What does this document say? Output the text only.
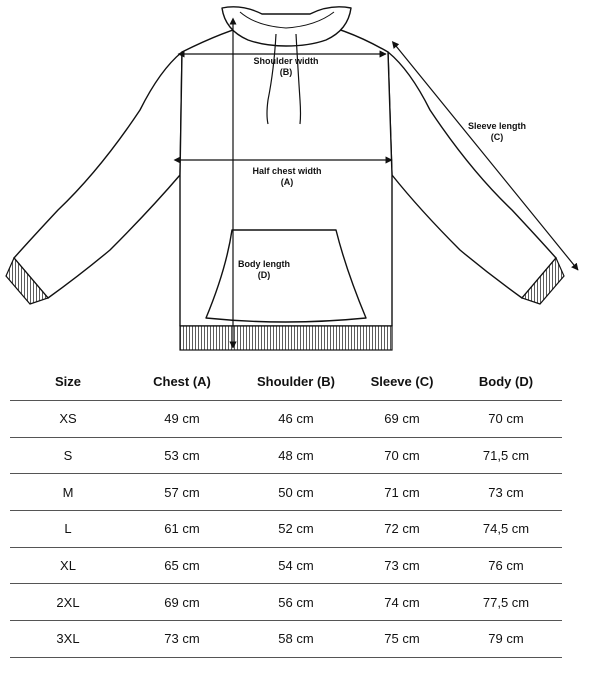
Shoulder width
(B)
Half chest width
(A)
Sleeve length
(C)
Body length
(D)
Size	Chest (A)	Shoulder (B)	Sleeve (C)	Body (D)
XS	49 cm	46 cm	69 cm	70 cm
S	53 cm	48 cm	70 cm	71,5 cm
M	57 cm	50 cm	71 cm	73 cm
L	61 cm	52 cm	72 cm	74,5 cm
XL	65 cm	54 cm	73 cm	76 cm
2XL	69 cm	56 cm	74 cm	77,5 cm
3XL	73 cm	58 cm	75 cm	79 cm
